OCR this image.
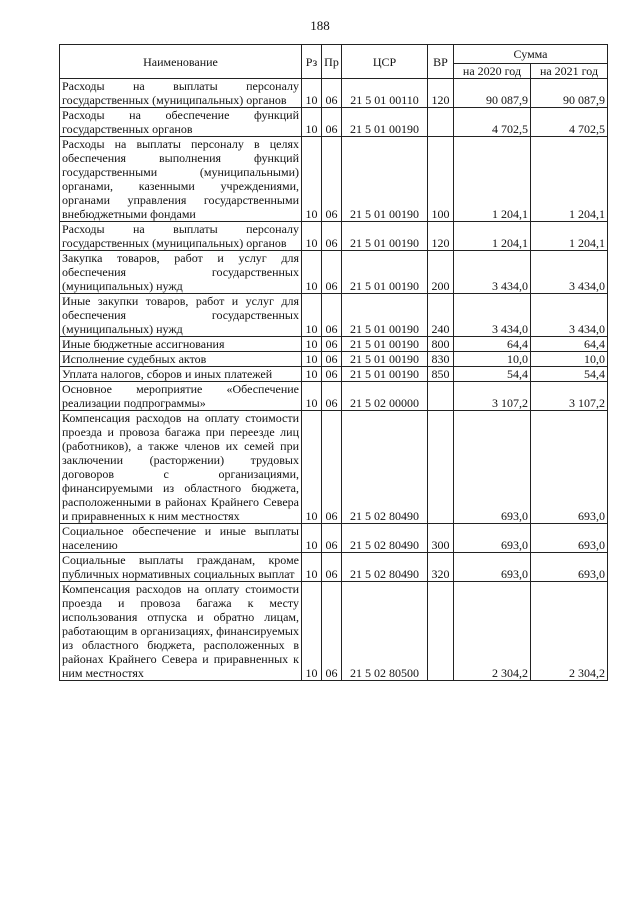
188
Наименование	Рз	Пр	ЦСР	ВР	Сумма	
					на 2020 год	на 2021 год
Расходы на выплаты персоналу государственных (муниципальных) органов	10	06	21 5 01 00110	120	90 087,9	90 087,9
Расходы на обеспечение функций государственных органов	10	06	21 5 01 00190		4 702,5	4 702,5
Расходы на выплаты персоналу в целях обеспечения выполнения функций государственными (муниципальными) органами, казенными учреждениями, органами управления государственными внебюджетными фондами	10	06	21 5 01 00190	100	1 204,1	1 204,1
Расходы на выплаты персоналу государственных (муниципальных) органов	10	06	21 5 01 00190	120	1 204,1	1 204,1
Закупка товаров, работ и услуг для обеспечения государственных (муниципальных) нужд	10	06	21 5 01 00190	200	3 434,0	3 434,0
Иные закупки товаров, работ и услуг для обеспечения государственных (муниципальных) нужд	10	06	21 5 01 00190	240	3 434,0	3 434,0
Иные бюджетные ассигнования	10	06	21 5 01 00190	800	64,4	64,4
Исполнение судебных актов	10	06	21 5 01 00190	830	10,0	10,0
Уплата налогов, сборов и иных платежей	10	06	21 5 01 00190	850	54,4	54,4
Основное мероприятие «Обеспечение реализации подпрограммы»	10	06	21 5 02 00000		3 107,2	3 107,2
Компенсация расходов на оплату стоимости проезда и провоза багажа при переезде лиц (работников), а также членов их семей при заключении (расторжении) трудовых договоров с организациями, финансируемыми из областного бюджета, расположенными в районах Крайнего Севера и приравненных к ним местностях	10	06	21 5 02 80490		693,0	693,0
Социальное обеспечение и иные выплаты населению	10	06	21 5 02 80490	300	693,0	693,0
Социальные выплаты гражданам, кроме публичных нормативных социальных выплат	10	06	21 5 02 80490	320	693,0	693,0
Компенсация расходов на оплату стоимости проезда и провоза багажа к месту использования отпуска и обратно лицам, работающим в организациях, финансируемых из областного бюджета, расположенных в районах Крайнего Севера и приравненных к ним местностях	10	06	21 5 02 80500		2 304,2	2 304,2
